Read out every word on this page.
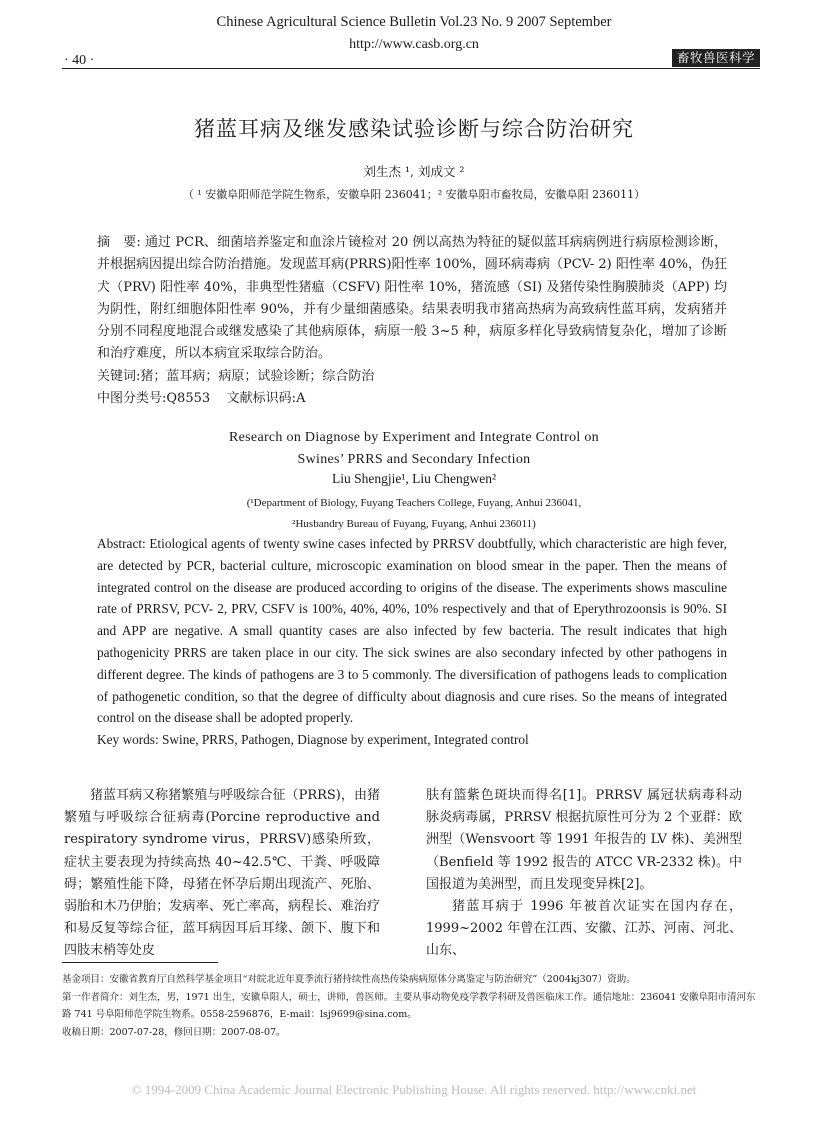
Chinese Agricultural Science Bulletin Vol.23 No. 9 2007 September
http://www.casb.org.cn
· 40 ·	畜牧兽医科学
猪蓝耳病及继发感染试验诊断与综合防治研究
刘生杰 ¹, 刘成文 ²
（ ¹ 安徽阜阳师范学院生物系，安徽阜阳 236041；² 安徽阜阳市畜牧局，安徽阜阳 236011）

摘　要: 通过 PCR、细菌培养鉴定和血涂片镜检对 20 例以高热为特征的疑似蓝耳病病例进行病原检测诊断，并根据病因提出综合防治措施。发现蓝耳病(PRRS)阳性率 100%，圆环病毒病（PCV- 2) 阳性率 40%，伪狂犬（PRV) 阳性率 40%，非典型性猪瘟（CSFV) 阳性率 10%，猪流感（SI) 及猪传染性胸膜肺炎（APP) 均为阴性，附红细胞体阳性率 90%，并有少量细菌感染。结果表明我市猪高热病为高致病性蓝耳病，发病猪并分别不同程度地混合或继发感染了其他病原体，病原一般 3~5 种，病原多样化导致病情复杂化，增加了诊断和治疗难度，所以本病宜采取综合防治。

关键词:猪；蓝耳病；病原；试验诊断；综合防治

中图分类号:Q8553 文献标识码:A

Research on Diagnose by Experiment and Integrate Control on
Swines’ PRRS and Secondary Infection
Liu Shengjie¹, Liu Chengwen²
(¹Department of Biology, Fuyang Teachers College, Fuyang, Anhui 236041,
²Husbandry Bureau of Fuyang, Fuyang, Anhui 236011)

Abstract: Etiological agents of twenty swine cases infected by PRRSV doubtfully, which characteristic are high fever, are detected by PCR, bacterial culture, microscopic examination on blood smear in the paper. Then the means of integrated control on the disease are produced according to origins of the disease. The experiments shows masculine rate of PRRSV, PCV- 2, PRV, CSFV is 100%, 40%, 40%, 10% respectively and that of Eperythrozoonsis is 90%. SI and APP are negative. A small quantity cases are also infected by few bacteria. The result indicates that high pathogenicity PRRS are taken place in our city. The sick swines are also secondary infected by other pathogens in different degree. The kinds of pathogens are 3 to 5 commonly. The diversification of pathogens leads to complication of pathogenetic condition, so that the degree of difficulty about diagnosis and cure rises. So the means of integrated control on the disease shall be adopted properly.

Key words: Swine, PRRS, Pathogen, Diagnose by experiment, Integrated control

猪蓝耳病又称猪繁殖与呼吸综合征（PRRS)，由猪繁殖与呼吸综合征病毒(Porcine reproductive and respiratory syndrome virus，PRRSV)感染所致，症状主要表现为持续高热 40~42.5℃、干粪、呼吸障碍；繁殖性能下降，母猪在怀孕后期出现流产、死胎、弱胎和木乃伊胎；发病率、死亡率高，病程长、难治疗和易反复等综合征，蓝耳病因耳后耳缘、颌下、腹下和四肢末梢等处皮

肤有篮紫色斑块而得名[1]。PRRSV 属冠状病毒科动脉炎病毒属，PRRSV 根据抗原性可分为 2 个亚群：欧洲型（Wensvoort 等 1991 年报告的 LV 株)、美洲型（Benfield 等 1992 报告的 ATCC VR-2332 株)。中国报道为美洲型，而且发现变异株[2]。

猪蓝耳病于 1996 年被首次证实在国内存在，1999~2002 年曾在江西、安徽、江苏、河南、河北、山东、

基金项目：安徽省教育厅自然科学基金项目“对皖北近年夏季流行猪持续性高热传染病病原体分离鉴定与防治研究”（2004kj307）资助。

第一作者简介：刘生杰，男，1971 出生，安徽阜阳人，硕士，讲师，兽医师。主要从事动物免疫学教学科研及兽医临床工作。通信地址：236041 安徽阜阳市清河东路 741 号阜阳师范学院生物系。0558-2596876，E-mail：lsj9699@sina.com。

收稿日期：2007-07-28，修回日期：2007-08-07。

© 1994-2009 China Academic Journal Electronic Publishing House. All rights reserved. http://www.cnki.net
